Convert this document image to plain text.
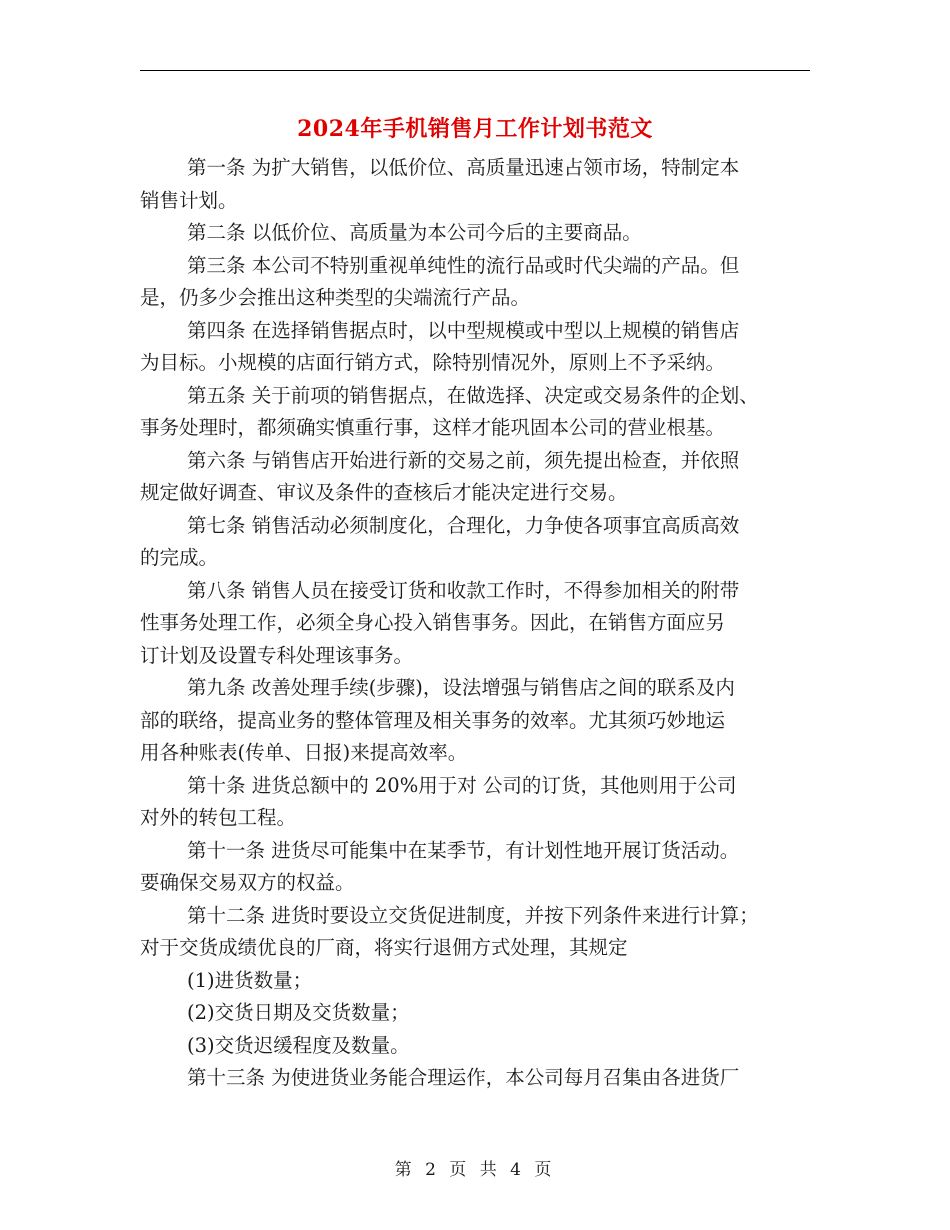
2024年手机销售月工作计划书范文
第一条 为扩大销售，以低价位、高质量迅速占领市场，特制定本
销售计划。
第二条 以低价位、高质量为本公司今后的主要商品。
第三条 本公司不特别重视单纯性的流行品或时代尖端的产品。但
是，仍多少会推出这种类型的尖端流行产品。
第四条 在选择销售据点时，以中型规模或中型以上规模的销售店
为目标。小规模的店面行销方式，除特别情况外，原则上不予采纳。
第五条 关于前项的销售据点，在做选择、决定或交易条件的企划、
事务处理时，都须确实慎重行事，这样才能巩固本公司的营业根基。
第六条 与销售店开始进行新的交易之前，须先提出检查，并依照
规定做好调查、审议及条件的查核后才能决定进行交易。
第七条 销售活动必须制度化，合理化，力争使各项事宜高质高效
的完成。
第八条 销售人员在接受订货和收款工作时，不得参加相关的附带
性事务处理工作，必须全身心投入销售事务。因此，在销售方面应另
订计划及设置专科处理该事务。
第九条 改善处理手续(步骤)，设法增强与销售店之间的联系及内
部的联络，提高业务的整体管理及相关事务的效率。尤其须巧妙地运
用各种账表(传单、日报)来提高效率。
第十条 进货总额中的 20%用于对 公司的订货，其他则用于公司
对外的转包工程。
第十一条 进货尽可能集中在某季节，有计划性地开展订货活动。
要确保交易双方的权益。
第十二条 进货时要设立交货促进制度，并按下列条件来进行计算；
对于交货成绩优良的厂商，将实行退佣方式处理，其规定
(1)进货数量；
(2)交货日期及交货数量；
(3)交货迟缓程度及数量。
第十三条 为使进货业务能合理运作，本公司每月召集由各进货厂
第 2 页 共 4 页
